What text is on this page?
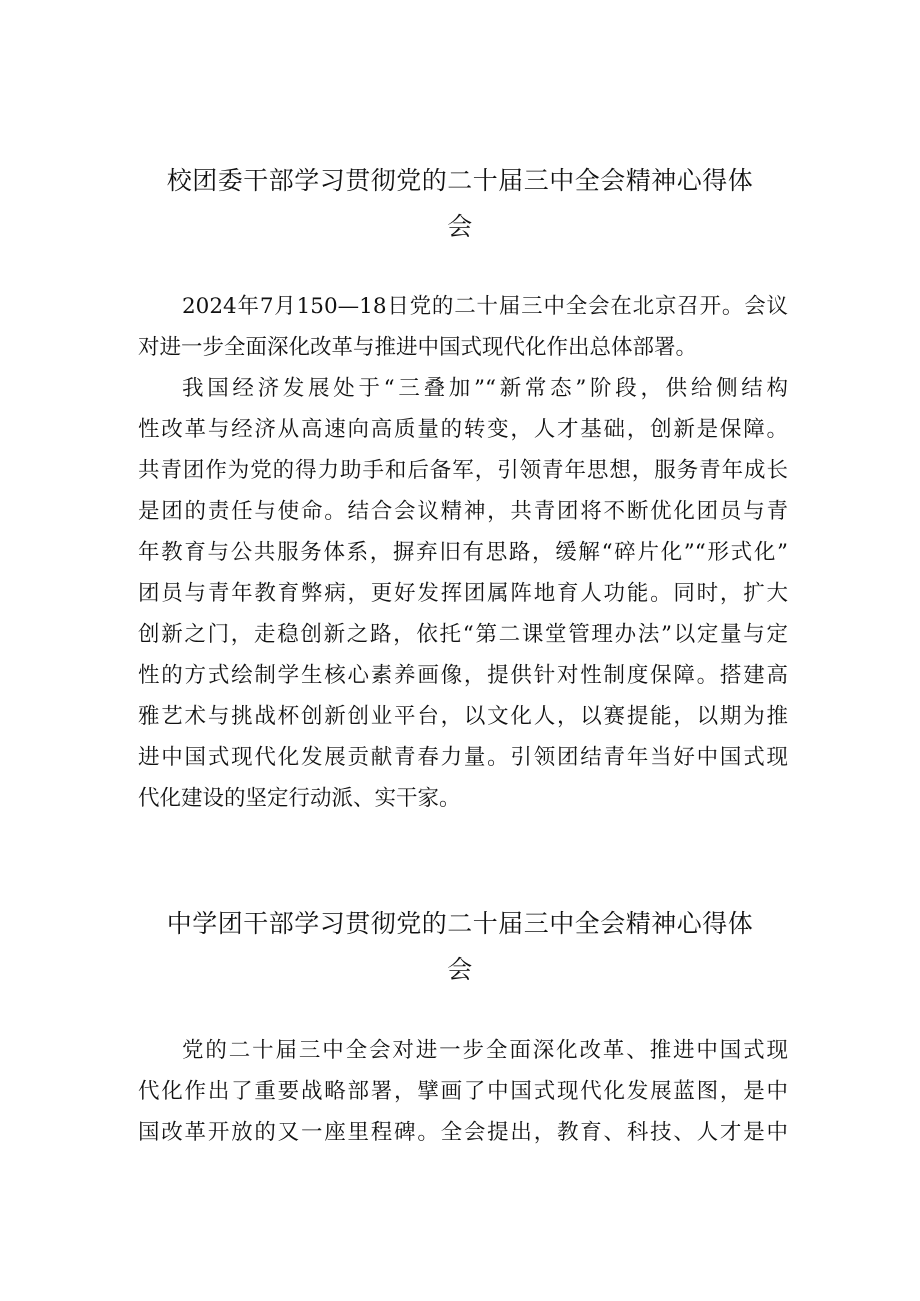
校团委干部学习贯彻党的二十届三中全会精神心得体
会

2024年7月150—18日党的二十届三中全会在北京召开。会议
对进一步全面深化改革与推进中国式现代化作出总体部署。

我国经济发展处于“三叠加”“新常态”阶段，供给侧结构
性改革与经济从高速向高质量的转变，人才基础，创新是保障。
共青团作为党的得力助手和后备军，引领青年思想，服务青年成长
是团的责任与使命。结合会议精神，共青团将不断优化团员与青
年教育与公共服务体系，摒弃旧有思路，缓解“碎片化”“形式化”
团员与青年教育弊病，更好发挥团属阵地育人功能。同时，扩大
创新之门，走稳创新之路，依托“第二课堂管理办法”以定量与定
性的方式绘制学生核心素养画像，提供针对性制度保障。搭建高
雅艺术与挑战杯创新创业平台，以文化人，以赛提能，以期为推
进中国式现代化发展贡献青春力量。引领团结青年当好中国式现
代化建设的坚定行动派、实干家。

中学团干部学习贯彻党的二十届三中全会精神心得体
会

党的二十届三中全会对进一步全面深化改革、推进中国式现
代化作出了重要战略部署，擘画了中国式现代化发展蓝图，是中
国改革开放的又一座里程碑。全会提出，教育、科技、人才是中
